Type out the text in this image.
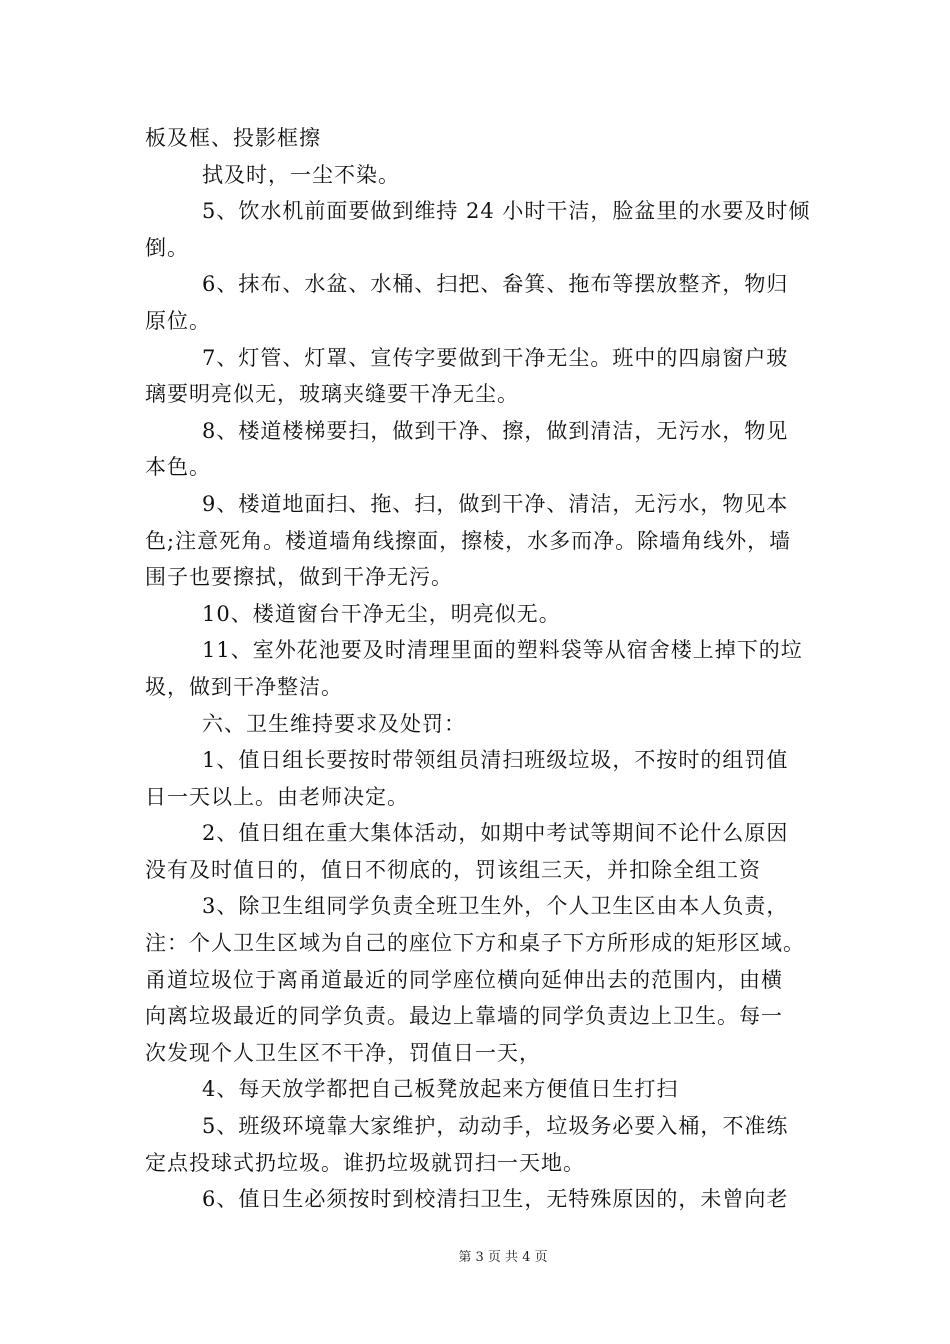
板及框、投影框擦
拭及时，一尘不染。
5、饮水机前面要做到维持 24 小时干洁，脸盆里的水要及时倾
倒。
6、抹布、水盆、水桶、扫把、畚箕、拖布等摆放整齐，物归
原位。
7、灯管、灯罩、宣传字要做到干净无尘。班中的四扇窗户玻
璃要明亮似无，玻璃夹缝要干净无尘。
8、楼道楼梯要扫，做到干净、擦，做到清洁，无污水，物见
本色。
9、楼道地面扫、拖、扫，做到干净、清洁，无污水，物见本
色;注意死角。楼道墙角线擦面，擦棱，水多而净。除墙角线外，墙
围子也要擦拭，做到干净无污。
10、楼道窗台干净无尘，明亮似无。
11、室外花池要及时清理里面的塑料袋等从宿舍楼上掉下的垃
圾，做到干净整洁。
六、卫生维持要求及处罚：
1、值日组长要按时带领组员清扫班级垃圾，不按时的组罚值
日一天以上。由老师决定。
2、值日组在重大集体活动，如期中考试等期间不论什么原因
没有及时值日的，值日不彻底的，罚该组三天，并扣除全组工资
3、除卫生组同学负责全班卫生外，个人卫生区由本人负责，
注：个人卫生区域为自己的座位下方和桌子下方所形成的矩形区域。
甬道垃圾位于离甬道最近的同学座位横向延伸出去的范围内，由横
向离垃圾最近的同学负责。最边上靠墙的同学负责边上卫生。每一
次发现个人卫生区不干净，罚值日一天，
4、每天放学都把自己板凳放起来方便值日生打扫
5、班级环境靠大家维护，动动手，垃圾务必要入桶，不准练
定点投球式扔垃圾。谁扔垃圾就罚扫一天地。
6、值日生必须按时到校清扫卫生，无特殊原因的，未曾向老
第 3 页 共 4 页
